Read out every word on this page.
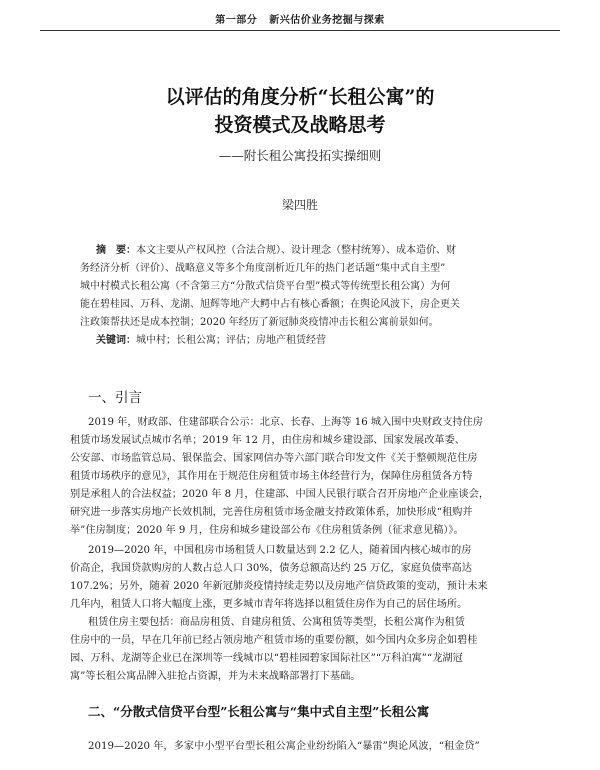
第一部分 新兴估价业务挖掘与探索
以评估的角度分析“长租公寓”的
投资模式及战略思考
——附长租公寓投拓实操细则
梁四胜
摘　要：本文主要从产权风控（合法合规）、设计理念（整村统筹）、成本造价、财
务经济分析（评价）、战略意义等多个角度剖析近几年的热门老话题“集中式自主型”
城中村模式长租公寓（不含第三方“分散式信贷平台型”模式等传统型长租公寓）为何
能在碧桂园、万科、龙湖、旭辉等地产大鳄中占有核心番额；在舆论风波下，房企更关
注政策帮扶还是成本控制；2020 年经历了新冠肺炎疫情冲击长租公寓前景如何。
关键词：城中村；长租公寓；评估；房地产租赁经营
一、引言
2019 年，财政部、住建部联合公示：北京、长春、上海等 16 城入围中央财政支持住房
租赁市场发展试点城市名单；2019 年 12 月，由住房和城乡建设部、国家发展改革委、
公安部、市场监管总局、银保监会、国家网信办等六部门联合印发文件《关于整顿规范住房
租赁市场秩序的意见》，其作用在于规范住房租赁市场主体经营行为，保障住房租赁各方特
别是承租人的合法权益；2020 年 8 月，住建部、中国人民银行联合召开房地产企业座谈会，
研究进一步落实房地产长效机制，完善住房租赁市场金融支持政策体系，加快形成“租购并
举”住房制度；2020 年 9 月，住房和城乡建设部公布《住房租赁条例（征求意见稿）》。
2019—2020 年，中国租房市场租赁人口数量达到 2.2 亿人，随着国内核心城市的房
价高企，我国贷款购房的人数占总人口 30%，债务总额高达约 25 万亿，家庭负债率高达
107.2%；另外，随着 2020 年新冠肺炎疫情持续走势以及房地产信贷政策的变动，预计未来
几年内，租赁人口将大幅度上涨，更多城市青年将选择以租赁住房作为自己的居住场所。
租赁住房主要包括：商品房租赁、自建房租赁、公寓租赁等类型，长租公寓作为租赁
住房中的一员，早在几年前已经占领房地产租赁市场的重要份额，如今国内众多房企如碧桂
园、万科、龙湖等企业已在深圳等一线城市以“碧桂园碧家国际社区”“万科泊寓”“龙湖冠
寓”等长租公寓品牌入驻抢占资源，并为未来战略部署打下基础。
二、“分散式信贷平台型”长租公寓与“集中式自主型”长租公寓
2019—2020 年，多家中小型平台型长租公寓企业纷纷陷入“暴雷”舆论风波，“租金贷”
